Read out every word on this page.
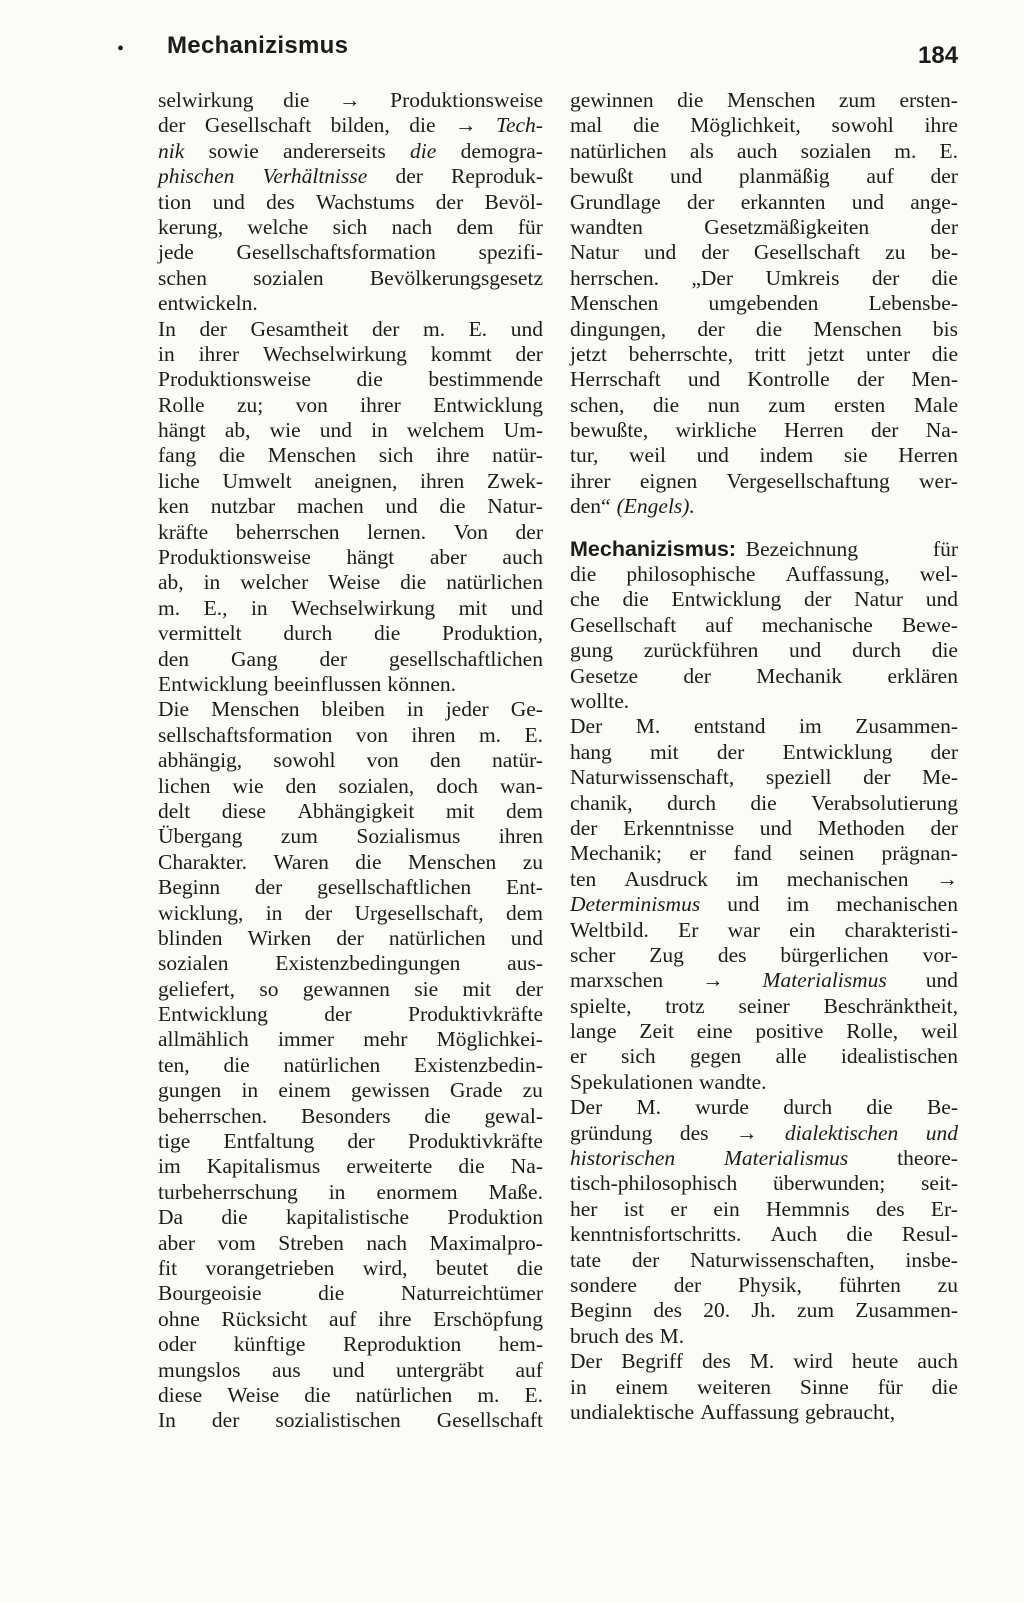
• Mechanizismus	184
selwirkung die → Produktionsweise
der Gesellschaft bilden, die → Tech-
nik sowie andererseits die demogra-
phischen Verhältnisse der Reproduk-
tion und des Wachstums der Bevöl-
kerung, welche sich nach dem für
jede Gesellschaftsformation spezifi-
schen sozialen Bevölkerungsgesetz
entwickeln.
In der Gesamtheit der m. E. und
in ihrer Wechselwirkung kommt der
Produktionsweise die bestimmende
Rolle zu; von ihrer Entwicklung
hängt ab, wie und in welchem Um-
fang die Menschen sich ihre natür-
liche Umwelt aneignen, ihren Zwek-
ken nutzbar machen und die Natur-
kräfte beherrschen lernen. Von der
Produktionsweise hängt aber auch
ab, in welcher Weise die natürlichen
m. E., in Wechselwirkung mit und
vermittelt durch die Produktion,
den Gang der gesellschaftlichen
Entwicklung beeinflussen können.
Die Menschen bleiben in jeder Ge-
sellschaftsformation von ihren m. E.
abhängig, sowohl von den natür-
lichen wie den sozialen, doch wan-
delt diese Abhängigkeit mit dem
Übergang zum Sozialismus ihren
Charakter. Waren die Menschen zu
Beginn der gesellschaftlichen Ent-
wicklung, in der Urgesellschaft, dem
blinden Wirken der natürlichen und
sozialen Existenzbedingungen aus-
geliefert, so gewannen sie mit der
Entwicklung	der	Produktivkräfte
allmählich immer mehr Möglichkei-
ten, die natürlichen Existenzbedin-
gungen in einem gewissen Grade zu
beherrschen. Besonders die gewal-
tige Entfaltung der Produktivkräfte
im Kapitalismus erweiterte die Na-
turbeherrschung in enormem Maße.
Da die kapitalistische Produktion
aber vom Streben nach Maximalpro-
fit vorangetrieben wird, beutet die
Bourgeoisie	die	Naturreichtümer
ohne Rücksicht auf ihre Erschöpfung
oder künftige Reproduktion hem-
mungslos aus und untergräbt auf
diese Weise die natürlichen m. E.
In der sozialistischen Gesellschaft
gewinnen die Menschen zum ersten-
mal die Möglichkeit, sowohl ihre
natürlichen als auch sozialen m. E.
bewußt und planmäßig auf der
Grundlage der erkannten und ange-
wandten	Gesetzmäßigkeiten	der
Natur und der Gesellschaft zu be-
herrschen. „Der Umkreis der die
Menschen umgebenden Lebensbe-
dingungen, der die Menschen bis
jetzt beherrschte, tritt jetzt unter die
Herrschaft und Kontrolle der Men-
schen, die nun zum ersten Male
bewußte, wirkliche Herren der Na-
tur, weil und indem sie Herren
ihrer eignen Vergesellschaftung wer-
den“ (Engels).
Mechanizismus: Bezeichnung	für
die philosophische Auffassung, wel-
che die Entwicklung der Natur und
Gesellschaft auf mechanische Bewe-
gung zurückführen und durch die
Gesetze der Mechanik erklären
wollte.
Der M. entstand im Zusammen-
hang mit der Entwicklung der
Naturwissenschaft, speziell der Me-
chanik, durch die Verabsolutierung
der Erkenntnisse und Methoden der
Mechanik; er fand seinen prägnan-
ten Ausdruck im mechanischen →
Determinismus und im mechanischen
Weltbild. Er war ein charakteristi-
scher Zug des bürgerlichen vor-
marxschen → Materialismus und
spielte, trotz seiner Beschränktheit,
lange Zeit eine positive Rolle, weil
er sich gegen alle idealistischen
Spekulationen wandte.
Der M. wurde durch die Be-
gründung des → dialektischen und
historischen Materialismus theore-
tisch-philosophisch überwunden; seit-
her ist er ein Hemmnis des Er-
kenntnisfortschritts. Auch die Resul-
tate der Naturwissenschaften, insbe-
sondere der Physik, führten zu
Beginn des 20. Jh. zum Zusammen-
bruch des M.
Der Begriff des M. wird heute auch
in einem weiteren Sinne für die
undialektische Auffassung gebraucht,
